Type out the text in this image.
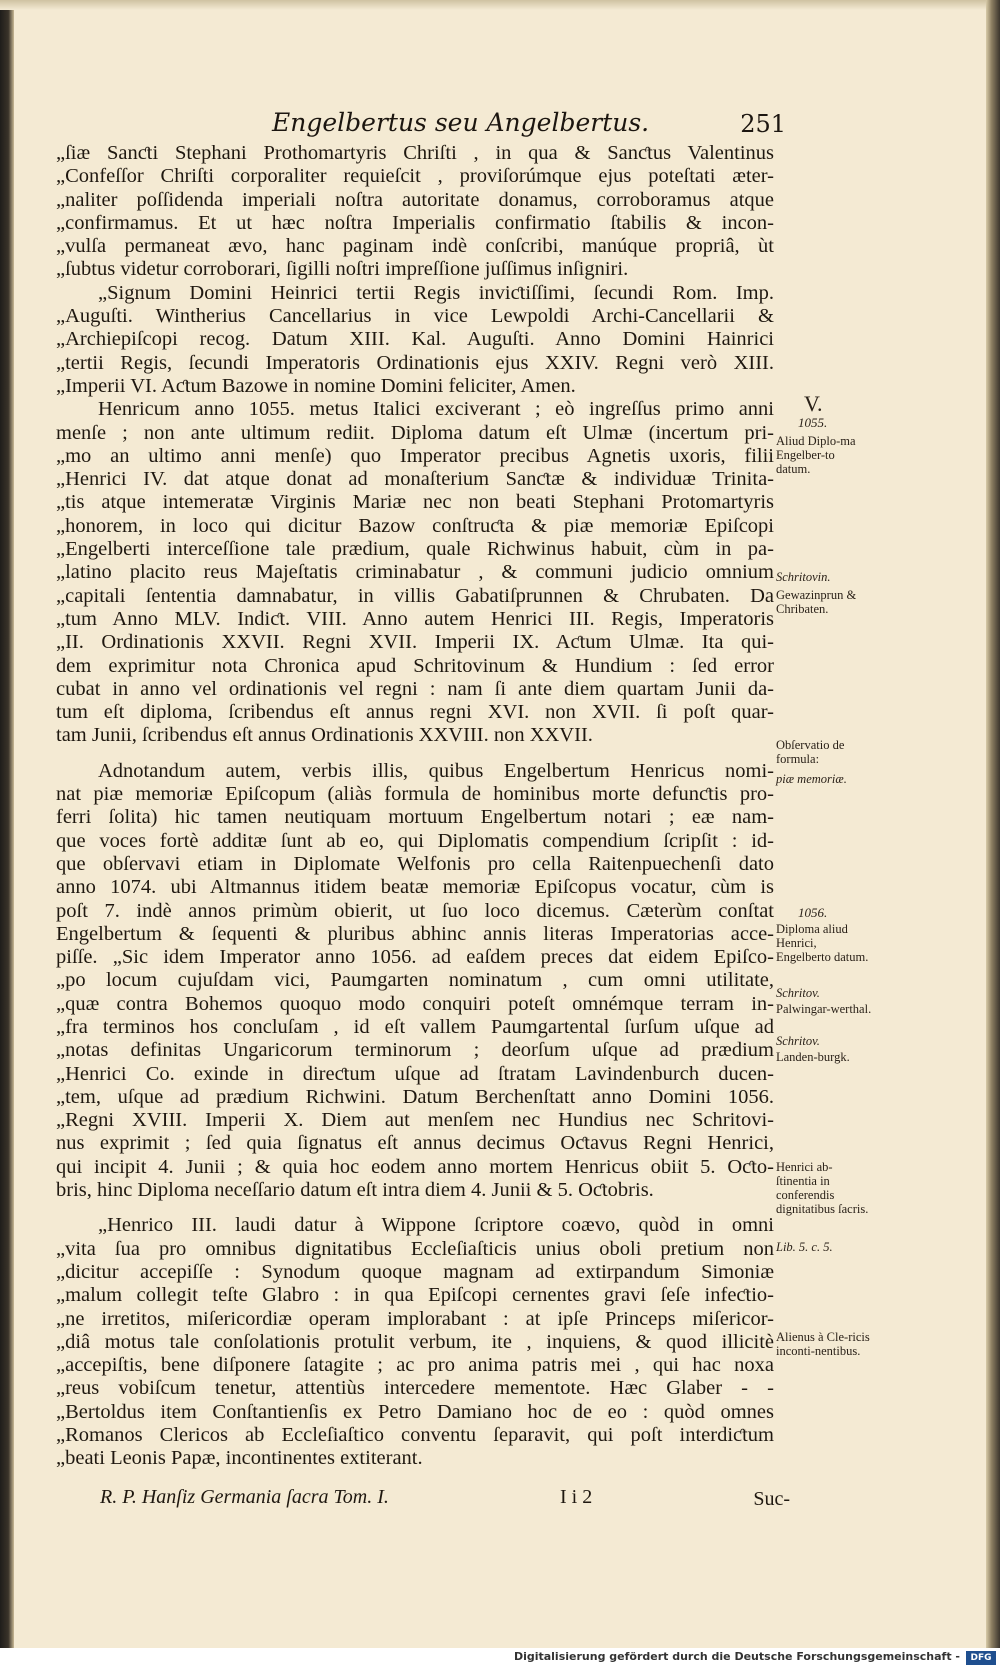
Engelbertus seu Angelbertus.	251
„ſiæ Sanƈti Stephani Prothomartyris Chriſti , in qua & Sanƈtus Valentinus
„Confeſſor Chriſti corporaliter requieſcit , proviſorúmque ejus poteſtati æter-
„naliter poſſidenda imperiali noſtra autoritate donamus, corroboramus atque
„confirmamus. Et ut hæc noſtra Imperialis confirmatio ſtabilis & incon-
„vulſa permaneat ævo, hanc paginam indè conſcribi, manúque propriâ, ùt
„ſubtus videtur corroborari, ſigilli noſtri impreſſione juſſimus inſigniri.
„Signum Domini Heinrici tertii Regis inviƈtiſſimi, ſecundi Rom. Imp.
„Auguſti. Wintherius Cancellarius in vice Lewpoldi Archi-Cancellarii &
„Archiepiſcopi recog. Datum XIII. Kal. Auguſti. Anno Domini Hainrici
„tertii Regis, ſecundi Imperatoris Ordinationis ejus XXIV. Regni verò XIII.
„Imperii VI. Aƈtum Bazowe in nomine Domini feliciter, Amen.
Henricum anno 1055. metus Italici exciverant ; eò ingreſſus primo anni
menſe ; non ante ultimum rediit. Diploma datum eſt Ulmæ (incertum pri-
„mo an ultimo anni menſe) quo Imperator precibus Agnetis uxoris, filii
„Henrici IV. dat atque donat ad monaſterium Sanƈtæ & individuæ Trinita-
„tis atque intemeratæ Virginis Mariæ nec non beati Stephani Protomartyris
„honorem, in loco qui dicitur Bazow conſtruƈta & piæ memoriæ Epiſcopi
„Engelberti interceſſione tale prædium, quale Richwinus habuit, cùm in pa-
„latino placito reus Majeſtatis criminabatur , & communi judicio omnium
„capitali ſententia damnabatur, in villis Gabatiſprunnen & Chrubaten. Da
„tum Anno MLV. Indiƈt. VIII. Anno autem Henrici III. Regis, Imperatoris
„II. Ordinationis XXVII. Regni XVII. Imperii IX. Aƈtum Ulmæ. Ita qui-
dem exprimitur nota Chronica apud Schritovinum & Hundium : ſed error
cubat in anno vel ordinationis vel regni : nam ſi ante diem quartam Junii da-
tum eſt diploma, ſcribendus eſt annus regni XVI. non XVII. ſi poſt quar-
tam Junii, ſcribendus eſt annus Ordinationis XXVIII. non XXVII.
Adnotandum autem, verbis illis, quibus Engelbertum Henricus nomi-
nat piæ memoriæ Epiſcopum (aliàs formula de hominibus morte defunƈtis pro-
ferri ſolita) hic tamen neutiquam mortuum Engelbertum notari ; eæ nam-
que voces fortè additæ ſunt ab eo, qui Diplomatis compendium ſcripſit : id-
que obſervavi etiam in Diplomate Welfonis pro cella Raitenpuechenſi dato
anno 1074. ubi Altmannus itidem beatæ memoriæ Epiſcopus vocatur, cùm is
poſt 7. indè annos primùm obierit, ut ſuo loco dicemus. Cæterùm conſtat
Engelbertum & ſequenti & pluribus abhinc annis literas Imperatorias acce-
piſſe. „Sic idem Imperator anno 1056. ad eaſdem preces dat eidem Epiſco-
„po locum cujuſdam vici, Paumgarten nominatum , cum omni utilitate,
„quæ contra Bohemos quoquo modo conquiri poteſt omnémque terram in-
„fra terminos hos concluſam , id eſt vallem Paumgartental ſurſum uſque ad
„notas definitas Ungaricorum terminorum ; deorſum uſque ad prædium
„Henrici Co. exinde in direƈtum uſque ad ſtratam Lavindenburch ducen-
„tem, uſque ad prædium Richwini. Datum Berchenſtatt anno Domini 1056.
„Regni XVIII. Imperii X. Diem aut menſem nec Hundius nec Schritovi-
nus exprimit ; ſed quia ſignatus eſt annus decimus Oƈtavus Regni Henrici,
qui incipit 4. Junii ; & quia hoc eodem anno mortem Henricus obiit 5. Oƈto-
bris, hinc Diploma neceſſario datum eſt intra diem 4. Junii & 5. Oƈtobris.
„Henrico III. laudi datur à Wippone ſcriptore coævo, quòd in omni
„vita ſua pro omnibus dignitatibus Eccleſiaſticis unius oboli pretium non
„dicitur accepiſſe : Synodum quoque magnam ad extirpandum Simoniæ
„malum collegit teſte Glabro : in qua Epiſcopi cernentes gravi ſeſe infeƈtio-
„ne irretitos, miſericordiæ operam implorabant : at ipſe Princeps miſericor-
„diâ motus tale conſolationis protulit verbum, ite , inquiens, & quod illicitè
„accepiſtis, bene diſponere ſatagite ; ac pro anima patris mei , qui hac noxa
„reus vobiſcum tenetur, attentiùs intercedere mementote. Hæc Glaber - -
„Bertoldus item Conſtantienſis ex Petro Damiano hoc de eo : quòd omnes
„Romanos Clericos ab Eccleſiaſtico conventu ſeparavit, qui poſt interdiƈtum
„beati Leonis Papæ, incontinentes extiterant.
V.
1055.
Aliud Diplo-ma Engelber-to datum.
Schritovin.
Gewazinprun & Chribaten.
Obſervatio de formula:
piæ memoriæ.
1056.
Diploma aliud Henrici, Engelberto datum.
Schritov.
Palwingar-werthal.
Schritov.
Landen-burgk.
Henrici ab-ſtinentia in conferendis dignitatibus ſacris.
Lib. 5. c. 5.
Alienus à Cle-ricis inconti-nentibus.
R. P. Hanſiz Germania ſacra Tom. I.	I i 2	Suc-
Digitalisierung gefördert durch die Deutsche Forschungsgemeinschaft -	DFG
